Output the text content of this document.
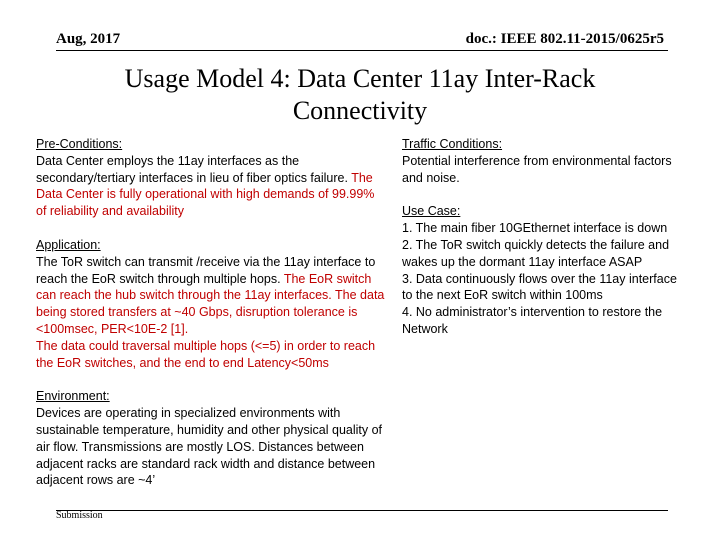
Aug, 2017	doc.: IEEE 802.11-2015/0625r5
Usage Model 4: Data Center 11ay Inter-Rack
Connectivity
Pre-Conditions:
Data Center employs the 11ay interfaces as the secondary/tertiary interfaces in lieu of fiber optics failure. The Data Center is fully operational with high demands of 99.99% of reliability and availability
Application:
The ToR switch can transmit /receive via the 11ay interface to reach the EoR switch through multiple hops. The EoR switch can reach the hub switch through the 11ay interfaces. The data being stored transfers at ~40 Gbps, disruption tolerance is <100msec, PER<10E-2 [1].
The data could traversal multiple hops (<=5) in order to reach the EoR switches, and the end to end Latency<50ms
Environment:
Devices are operating in specialized environments with sustainable temperature, humidity and other physical quality of air flow. Transmissions are mostly LOS. Distances between adjacent racks are standard rack width and distance between adjacent rows are ~4’
Traffic Conditions:
Potential interference from environmental factors and noise.
Use Case:
1. The main fiber 10GEthernet interface is down
2. The ToR switch quickly detects the failure and wakes up the dormant 11ay interface ASAP
3. Data continuously flows over the 11ay interface to the next EoR switch within 100ms
4. No administrator’s intervention to restore the Network
Submission
